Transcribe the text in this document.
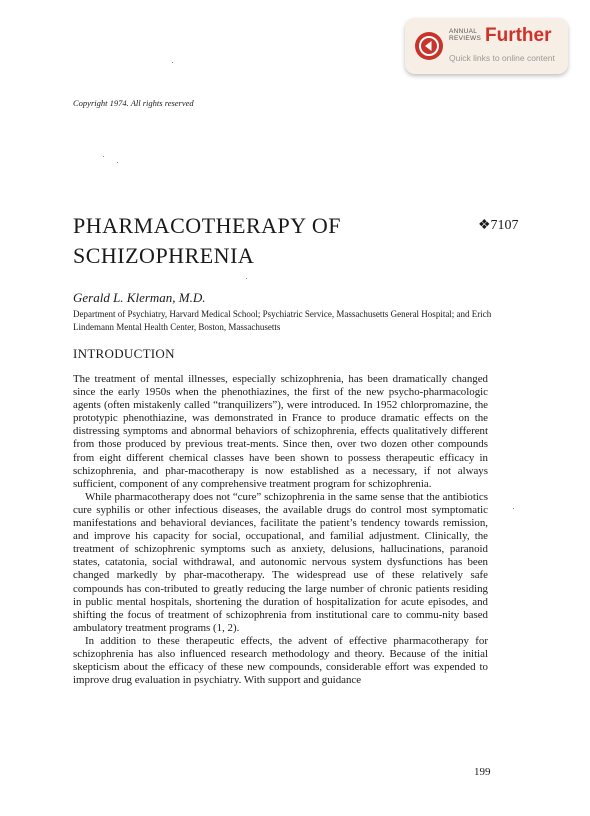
ANNUAL
REVIEWS Further
Quick links to online content
Copyright 1974. All rights reserved
PHARMACOTHERAPY OF SCHIZOPHRENIA
❖7107
Gerald L. Klerman, M.D.
Department of Psychiatry, Harvard Medical School; Psychiatric Service, Massachusetts General Hospital; and Erich Lindemann Mental Health Center, Boston, Massachusetts
INTRODUCTION

The treatment of mental illnesses, especially schizophrenia, has been dramatically changed since the early 1950s when the phenothiazines, the first of the new psycho-pharmacologic agents (often mistakenly called “tranquilizers”), were introduced. In 1952 chlorpromazine, the prototypic phenothiazine, was demonstrated in France to produce dramatic effects on the distressing symptoms and abnormal behaviors of schizophrenia, effects qualitatively different from those produced by previous treat-ments. Since then, over two dozen other compounds from eight different chemical classes have been shown to possess therapeutic efficacy in schizophrenia, and phar-macotherapy is now established as a necessary, if not always sufficient, component of any comprehensive treatment program for schizophrenia.

While pharmacotherapy does not “cure” schizophrenia in the same sense that the antibiotics cure syphilis or other infectious diseases, the available drugs do control most symptomatic manifestations and behavioral deviances, facilitate the patient’s tendency towards remission, and improve his capacity for social, occupational, and familial adjustment. Clinically, the treatment of schizophrenic symptoms such as anxiety, delusions, hallucinations, paranoid states, catatonia, social withdrawal, and autonomic nervous system dysfunctions has been changed markedly by phar-macotherapy. The widespread use of these relatively safe compounds has con-tributed to greatly reducing the large number of chronic patients residing in public mental hospitals, shortening the duration of hospitalization for acute episodes, and shifting the focus of treatment of schizophrenia from institutional care to commu-nity based ambulatory treatment programs (1, 2).

In addition to these therapeutic effects, the advent of effective pharmacotherapy for schizophrenia has also influenced research methodology and theory. Because of the initial skepticism about the efficacy of these new compounds, considerable effort was expended to improve drug evaluation in psychiatry. With support and guidance

199
